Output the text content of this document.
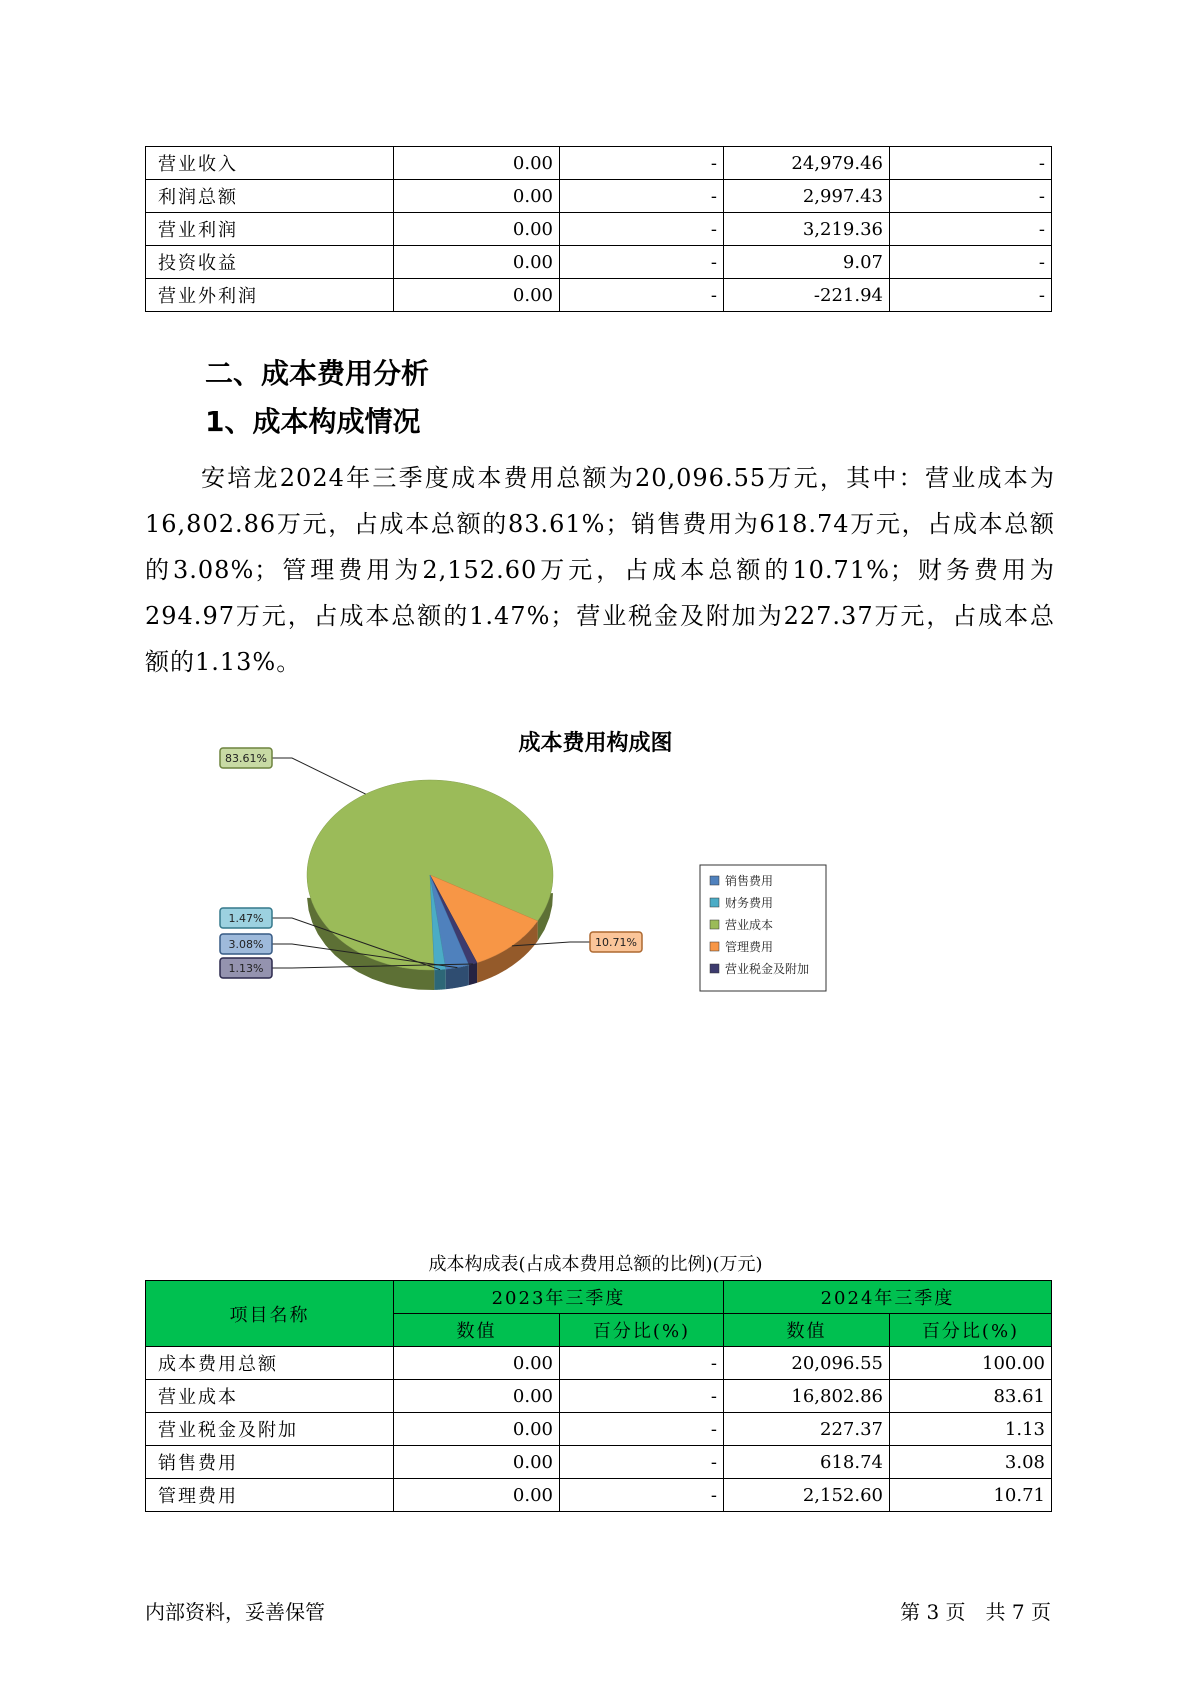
营业收入	0.00	-	24,979.46	-
利润总额	0.00	-	2,997.43	-
营业利润	0.00	-	3,219.36	-
投资收益	0.00	-	9.07	-
营业外利润	0.00	-	-221.94	-
二、成本费用分析
1、成本构成情况
安培龙2024年三季度成本费用总额为20,096.55万元，其中：营业成本为16,802.86万元，占成本总额的83.61%；销售费用为618.74万元，占成本总额的3.08%；管理费用为2,152.60万元，占成本总额的10.71%；财务费用为294.97万元，占成本总额的1.47%；营业税金及附加为227.37万元，占成本总额的1.13%。
成本费用构成图
83.61%
10.71%
1.13%
3.08%
1.47%
销售费用
财务费用
营业成本
管理费用
营业税金及附加
成本构成表(占成本费用总额的比例)(万元)
项目名称	2023年三季度		2024年三季度	
	数值	百分比(%)	数值	百分比(%)
成本费用总额	0.00	-	20,096.55	100.00
营业成本	0.00	-	16,802.86	83.61
营业税金及附加	0.00	-	227.37	1.13
销售费用	0.00	-	618.74	3.08
管理费用	0.00	-	2,152.60	10.71
内部资料，妥善保管	第 3 页　共 7 页
